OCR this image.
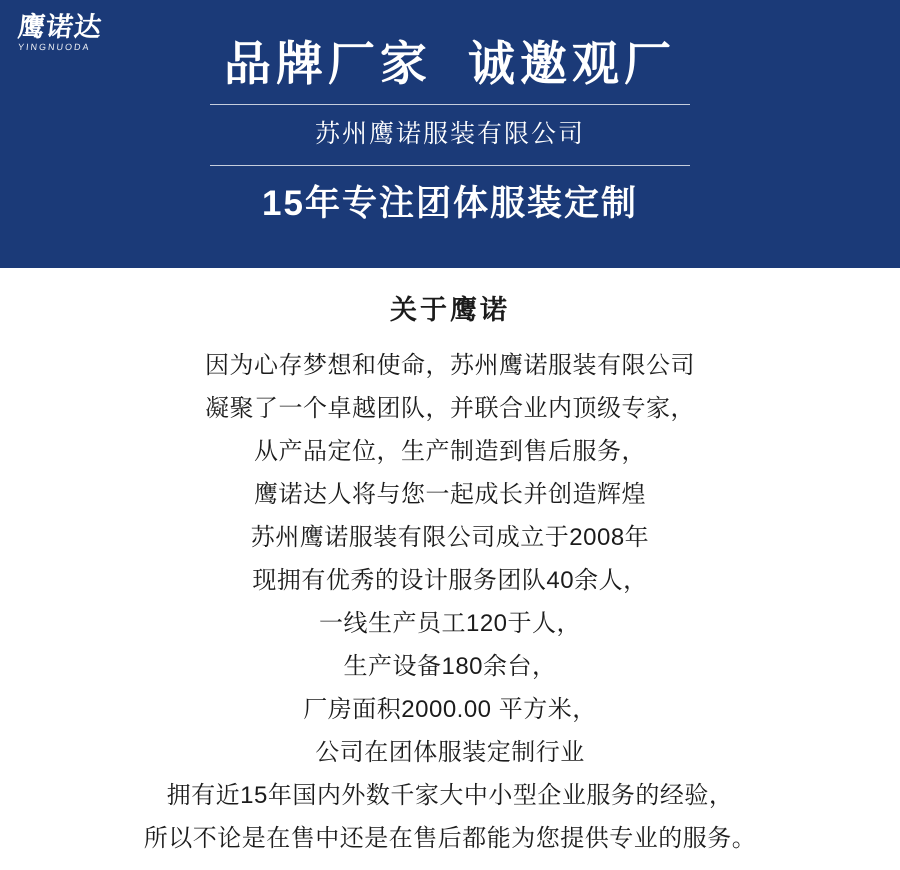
鹰诺达
YINGNUODA	品牌厂家  诚邀观厂
苏州鹰诺服装有限公司
15年专注团体服装定制
关于鹰诺
因为心存梦想和使命，苏州鹰诺服装有限公司
凝聚了一个卓越团队，并联合业内顶级专家，
从产品定位，生产制造到售后服务，
鹰诺达人将与您一起成长并创造辉煌
苏州鹰诺服装有限公司成立于2008年
现拥有优秀的设计服务团队40余人，
一线生产员工120于人，
生产设备180余台，
厂房面积2000.00 平方米，
公司在团体服装定制行业
拥有近15年国内外数千家大中小型企业服务的经验，
所以不论是在售中还是在售后都能为您提供专业的服务。
